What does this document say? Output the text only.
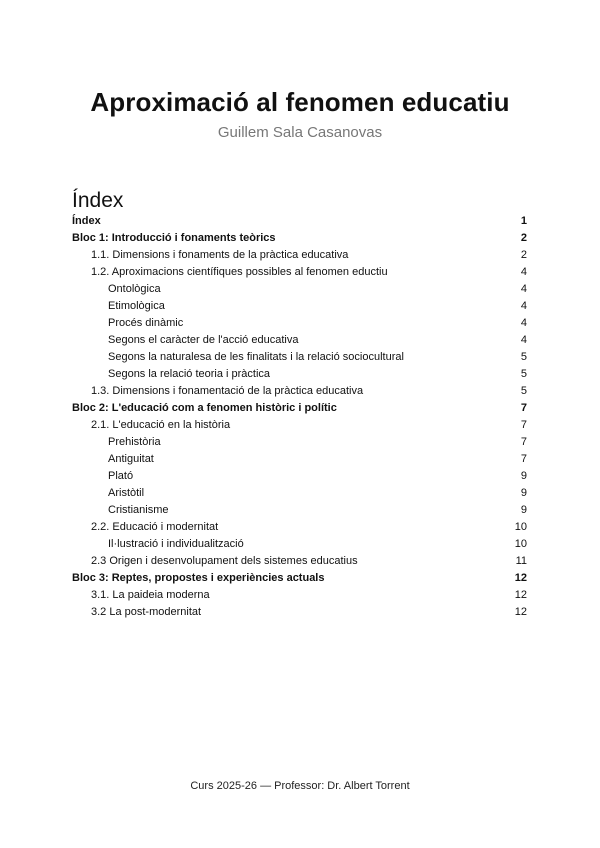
Aproximació al fenomen educatiu
Guillem Sala Casanovas
Índex
Índex	1
Bloc 1: Introducció i fonaments teòrics	2
1.1. Dimensions i fonaments de la pràctica educativa	2
1.2. Aproximacions científiques possibles al fenomen eductiu	4
Ontològica	4
Etimològica	4
Procés dinàmic	4
Segons el caràcter de l'acció educativa	4
Segons la naturalesa de les finalitats i la relació sociocultural	5
Segons la relació teoria i pràctica	5
1.3. Dimensions i fonamentació de la pràctica educativa	5
Bloc 2: L'educació com a fenomen històric i polític	7
2.1. L'educació en la història	7
Prehistòria	7
Antiguitat	7
Plató	9
Aristòtil	9
Cristianisme	9
2.2. Educació i modernitat	10
Il·lustració i individualització	10
2.3 Origen i desenvolupament dels sistemes educatius	11
Bloc 3: Reptes, propostes i experiències actuals	12
3.1. La paideia moderna	12
3.2 La post-modernitat	12
Curs 2025-26 — Professor: Dr. Albert Torrent
